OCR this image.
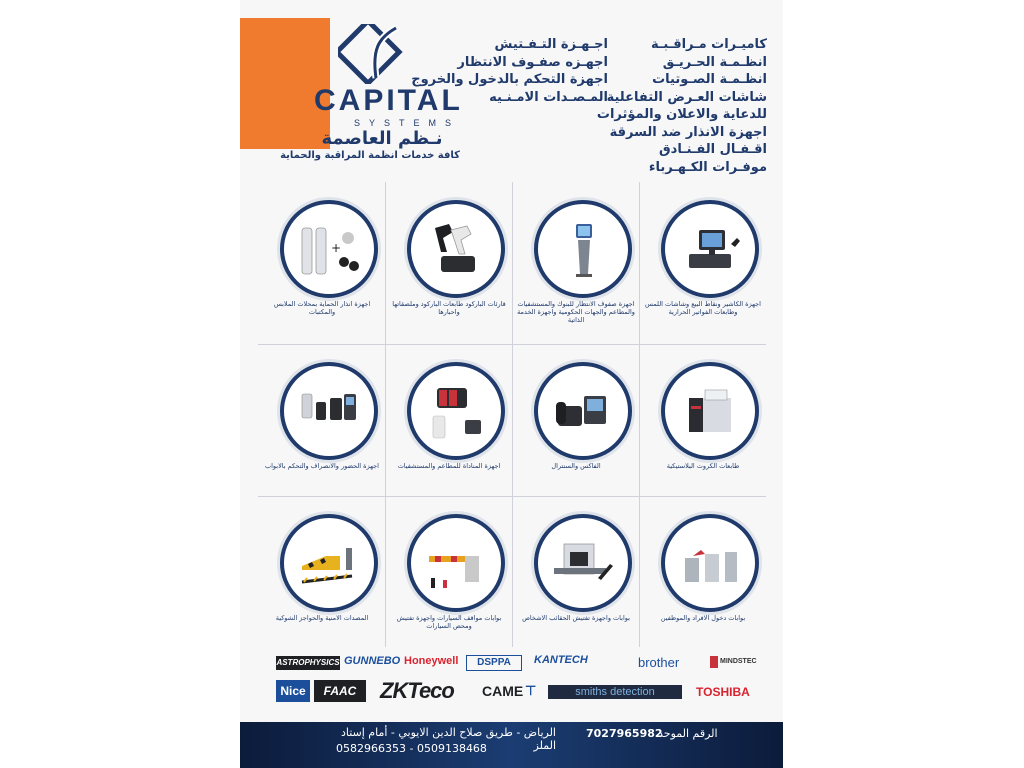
CAPITAL
SYSTEMS
نـظم العاصمة
كافة خدمات انظمة المراقبة والحماية
كاميـرات مـراقـبـة
انظـمـة الحـريـق
انظـمـة الصـوتيات
شاشات العـرض التفاعلية
للدعاية والاعلان والمؤثرات
اجهزة الانذار ضد السرقة
اقـفـال الفـنـادق
موفـرات الكـهـرباء
اجـهـزة التـفـتيش
اجهـزه صفـوف الانتظار
اجهزة التحكم بالدخول والخروج
المـصـدات الامـنـيه
اجهزة الكاشير ونقاط البيع وشاشات اللمس وطابعات الفواتير الحرارية
اجهزة صفوف الانتظار للبنوك والمستشفيات والمطاعم والجهات الحكومية واجهزة الخدمة الذاتية
قارئات الباركود طابعات الباركود وملصقاتها واحبارها
+
اجهزة انذار الحماية بمحلات الملابس والمكتبات
طابعات الكروت البلاستيكية
الفاكس والسنترال
اجهزة المناداة للمطاعم والمستشفيات
اجهزة الحضور والانصراف والتحكم بالابواب
بوابات دخول الافراد والموظفين
بوابات واجهزة تفتيش الحقائب الاشخاص
بوابات مواقف السيارات واجهزة تفتيش ومحص السيارات
المصدات الامنية والحواجز الشوكية
ASTROPHYSICS GUNNEBO Honeywell	DSPPA	KANTECH	brother	MINDSTEC
Nice	FAAC	ZKTeco CAME ⊤	smiths detection	TOSHIBA
7027965982
الرقم الموحد
الرياض - طريق صلاح الدين الايوبي - أمام إستاد الملز
0582966353 - 0509138468
